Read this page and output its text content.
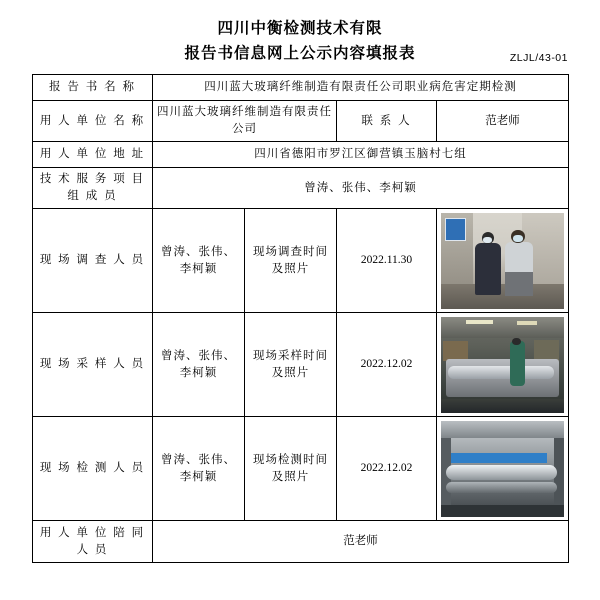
四川中衡检测技术有限
报告书信息网上公示内容填报表	ZLJL/43-01
报 告 书 名 称	四川蓝大玻璃纤维制造有限责任公司职业病危害定期检测			
用 人 单 位 名 称	四川蓝大玻璃纤维制造有限责任公司		联 系 人	范老师
用 人 单 位 地 址	四川省德阳市罗江区御营镇玉脑村七组			
技 术 服 务 项 目组 成 员	曾涛、张伟、李柯颖			
现 场 调 查 人 员	曾涛、张伟、李柯颖	现场调查时间及照片	2022.11.30	

现 场 采 样 人 员	曾涛、张伟、李柯颖	现场采样时间及照片	2022.12.02	

现 场 检 测 人 员	曾涛、张伟、李柯颖	现场检测时间及照片	2022.12.02	

用 人 单 位 陪 同人 员	范老师			
